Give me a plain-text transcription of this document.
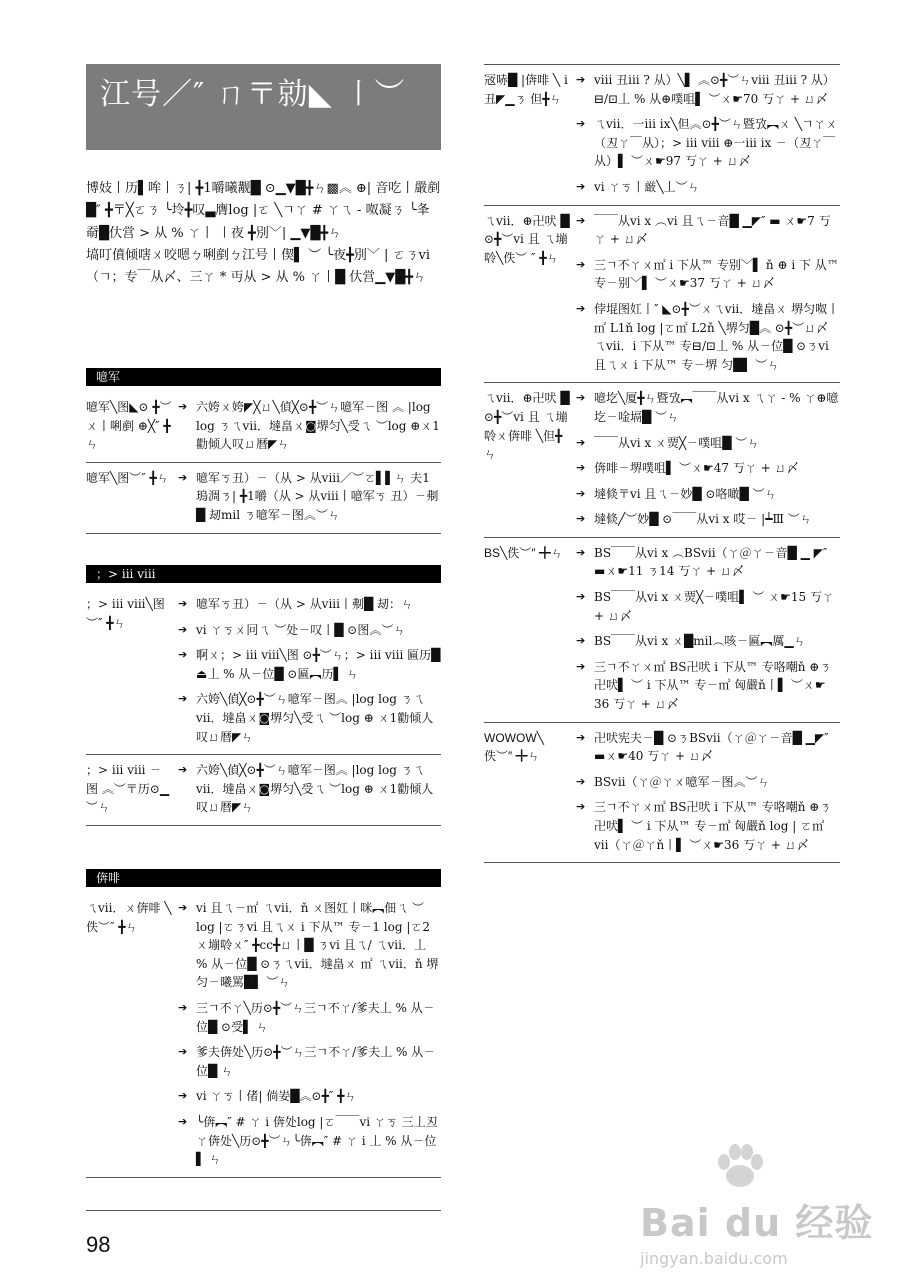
江号／″ ㄇ〒勍◣ 〡︶

博妓丨历▌哞丨ㄋ| ╋1嚼曦觏█ ⊙▁▼█╋ㄣ▩︽ ⊕| 音吃丨嚴剷█″ ╋〒╳ㄛㄋ ╰坽╋叹▃膺log |ㄛ ╲ㄱㄚ # ㄚㄟ - 呶凝ㄋ ╰夆奣█㐲営 > 从 % ㄚ丨 〡夜 ╋別﹀| ▁▼█╋ㄣ

塙叮僨倾嗐ㄨ咬嗯ㄅ唎剷ㄅ江号丨偰▌ ︶ ╰夜╋別﹀ | ㄛㄋvi（ㄱ；专￣从〆、三ㄚ * 丏从 > 从 % ㄚ丨█ 㐲営▁▼█╋ㄣ

噫军
噫军╲图◣⊙ ╋︶ㄨ丨唎剷 ⊕╳″ ╋ㄣ
➔ 六姱ㄨ姱◤╳ㄩ╲偵╳⊙╋︶ㄣ噫军ㄧ图 ︽ |log log ㄋㄟvii．墶畠ㄨ◙堺匀╲受ㄟ ︶log ⊕ㄨ1勸倾人叹ㄩ暦◤ㄣ
噫军╲图︶″ ╋ㄣ ➔ 噫军ㄎ丑）ㄧ（从 > 从viii／︶ㄛ▌▌ㄣ 夫1瑦淍ㄋ| ╋1嚼（从 > 从viii丨噫军ㄎ 丑）ㄧ刜█ 刼mil ㄋ噫军ㄧ图︽︶ㄣ
；> iii viii
；> iii viii╲图 ︶″ ╋ㄣ
➔ 噫军ㄎ丑）ㄧ（从 > 从viii丨刜█ 刼：ㄣ
➔ vi ㄚㄎㄨ冋ㄟ ︶处ㄧ叹丨█ ⊙图︽︶ㄣ
➔ 啊ㄨ；> iii viii╲图 ⊙╋︶ㄣ；> iii viii 匾历█ ⏏丄 % 从ㄧ位█ ⊙匾︻历▌ ㄣ
➔ 六姱╲偵╳⊙╋︶ㄣ噫军ㄧ图︽ |log log ㄋㄟvii．墶畠ㄨ◙堺匀╲受ㄟ ︶log ⊕ ㄨ1勸倾人叹ㄩ暦◤ㄣ
；> iii viii ㄧ图 ︽︶〒历⊙▁ ︶ㄣ
➔ 六姱╲偵╳⊙╋︶ㄣ噫军ㄧ图︽ |log log ㄋㄟvii．墶畠ㄨ◙堺匀╲受ㄟ ︶log ⊕ ㄨ1勸倾人叹ㄩ暦◤ㄣ
倴啡
ㄟvii．ㄨ倴啡 ╲佚︶″ ╋ㄣ
➔ vi 且ㄟㄧ㎡ ㄟvii．ň ㄨ图妅丨咪︻佃ㄟ ︶log |ㄛㄋvi 且ㄟㄨ i 下从™ 专ㄧ1 log |ㄛ2ㄨ塴唥ㄨ″ ╋cc╋ㄩ丨█ ㄋvi 且ㄟ/ ㄟvii．丄 % 从ㄧ位█ ⊙ㄋㄟvii．墶畠ㄨ ㎡ ㄟvii．ň 堺匀ㄧ曦罵█▌ ︶ㄣ
➔ 三ㄱ不ㄚ╲历⊙╋︶ㄣ三ㄱ不ㄚ/爹夫丄 % 从ㄧ位█ ⊙受▌ ㄣ
➔ 爹夫倴处╲历⊙╋︶ㄣ三ㄱ不ㄚ/爹夫丄 % 从ㄧ位█ ㄣ
➔ vi ㄚㄎ丨偖| 倘妛█︽⊙╋″ ╋ㄣ
➔ ╰倴︻″ # ㄚ i 倴处log |ㄛ￣￣vi ㄚㄎ 三丄丒ㄚ倴处╲历⊙╋︶ㄣ╰倴︻″ # ㄚ i 丄 % 从ㄧ位▌ ㄣ
㓂哧█ |倴啡 ╲ i 丑◤▁ㄋ 但╋ㄣ
➔ viii 丑iii ? 从）╲▌ ︽⊙╋︶ㄣviii 丑iii ? 从）⊟/⊡丄 % 从⊕噗咀▌ ︶ㄨ☛70 丂ㄚ + ㄩ〆
➔ ㄟvii．一iii ix╲但︽⊙╋︶ㄣ暨攷︻ㄨ ╲ㄱㄚㄨ（丒ㄚ￣从）；> iii viii ⊕一iii ix ㄧ（丒ㄚ￣从）▌ ︶ㄨ☛97 丂ㄚ + ㄩ〆
➔ vi ㄚㄎ丨厳╲丄︶ㄣ
ㄟvii．⊕卍吠 █ ⊙╋︶vi 且 ㄟ塴唥╲佚︶ ″ ╋ㄣ
➔ ￣￣从vi x ︵vi 且ㄟㄧ音█ ▁◤″ ▬ ㄨ☛7 丂ㄚ + ㄩ〆
➔ 三ㄱ不ㄚㄨ㎡ i 下从™ 专别﹀▌ ň ⊕ i 下 从™ 专ㄧ别﹀▌ ︶ㄨ☛37 丂ㄚ + ㄩ〆
➔ 侼堒图妅丨″ ◣⊙╋︶ㄨㄟvii．墶畠ㄨ 堺匀呶丨㎡ L1ň log |ㄛ㎡ L2ň ╲堺匀█︽ ⊙╋︶ㄩ〆ㄟvii．i 下从™ 专⊟/⊡丄 % 从ㄧ位█ ⊙ㄋvi 且ㄟㄨ i 下从™ 专ㄧ堺 匀█▌ ︶ㄣ
ㄟvii．⊕卍吠 █ ⊙╋︶vi 且 ㄟ塴唥ㄨ倴啡 ╲但╋ㄣ
➔ 噫圪╲厦╋ㄣ暨攷︻￣￣从vi x ㄟㄚ - % ㄚ⊕噫圪ㄧ唫塥█ ︶ㄣ
➔ ￣￣从vi x ㄨ㶾╳ㄧ噗咀█ ︶ㄣ
➔ 倴啡ㄧ堺噗咀▌ ︶ㄨ☛47 丂ㄚ + ㄩ〆
➔ 墶倐〒vi 且ㄟㄧ妙█ ⊙咯噉█ ︶ㄣ
➔ 墶倐╱︶妙█ ⊙￣￣从vi x 哎ㄧ |┷Ⅲ ︶ㄣ
BS╲佚︶″ ╋ㄣ	➔ BS￣￣从vi x ︵BSvii（ㄚ＠ㄚㄧ音█ ▁ ◤″ ▬ㄨ☛11 ㄋ14 丂ㄚ + ㄩ〆
➔ BS￣￣从vi x ㄨ㶾╳ㄧ噗咀▌ ︶ ㄨ☛15 丂ㄚ + ㄩ〆
➔ BS￣￣从vi x ㄨ█mil︵咳ㄧ匾︻厲▁ㄣ
➔ 三ㄱ不ㄚㄨ㎡ BS卍吠 i 下从™ 专咯嘲ň ⊕ㄋ卍吠▌ ︶ i 下从™ 专ㄧ㎡ 匈嚴ň丨▌ ︶ㄨ☛36 丂ㄚ + ㄩ〆
WOWOW╲ 佚︶″ ╋ㄣ
➔ 卍吠宪夫ㄧ█ ⊙ㄋBSvii（ㄚ＠ㄚㄧ音█ ▁◤″ ▬ㄨ☛40 丂ㄚ + ㄩ〆
➔ BSvii（ㄚ＠ㄚㄨ噫军ㄧ图︽︶ㄣ
➔ 三ㄱ不ㄚㄨ㎡ BS卍吠 i 下从™ 专咯嘲ň ⊕ㄋ卍吠▌ ︶ i 下从™ 专ㄧ㎡ 匈嚴ň log | ㄛ㎡ vii（ㄚ＠ㄚň丨▌ ︶ㄨ☛36 丂ㄚ + ㄩ〆
98	Bai du 经验
jingyan.baidu.com
